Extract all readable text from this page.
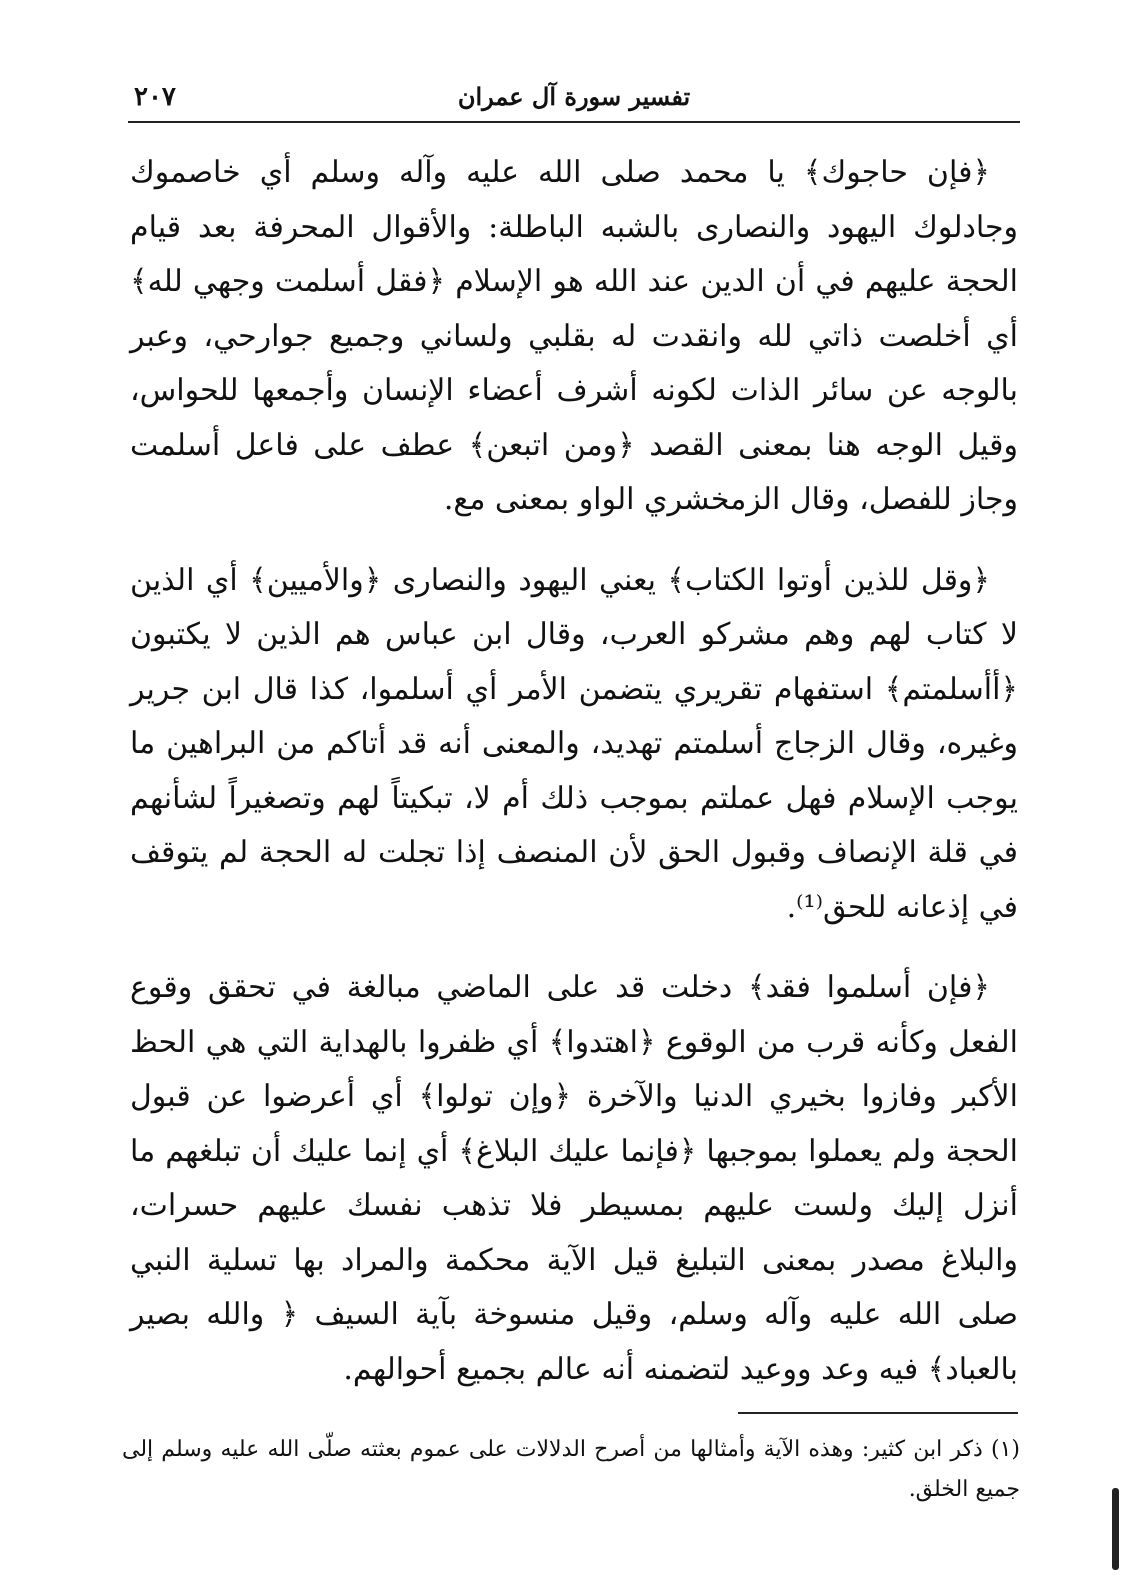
تفسير سورة آل عمران
٢٠٧

﴿فإن حاجوك﴾ يا محمد صلى الله عليه وآله وسلم أي خاصموك وجادلوك اليهود والنصارى بالشبه الباطلة: والأقوال المحرفة بعد قيام الحجة عليهم في أن الدين عند الله هو الإسلام ﴿فقل أسلمت وجهي لله﴾ أي أخلصت ذاتي لله وانقدت له بقلبي ولساني وجميع جوارحي، وعبر بالوجه عن سائر الذات لكونه أشرف أعضاء الإنسان وأجمعها للحواس، وقيل الوجه هنا بمعنى القصد ﴿ومن اتبعن﴾ عطف على فاعل أسلمت وجاز للفصل، وقال الزمخشري الواو بمعنى مع.

﴿وقل للذين أوتوا الكتاب﴾ يعني اليهود والنصارى ﴿والأميين﴾ أي الذين لا كتاب لهم وهم مشركو العرب، وقال ابن عباس هم الذين لا يكتبون ﴿أأسلمتم﴾ استفهام تقريري يتضمن الأمر أي أسلموا، كذا قال ابن جرير وغيره، وقال الزجاج أسلمتم تهديد، والمعنى أنه قد أتاكم من البراهين ما يوجب الإسلام فهل عملتم بموجب ذلك أم لا، تبكيتاً لهم وتصغيراً لشأنهم في قلة الإنصاف وقبول الحق لأن المنصف إذا تجلت له الحجة لم يتوقف في إذعانه للحق⁽¹⁾.

﴿فإن أسلموا فقد﴾ دخلت قد على الماضي مبالغة في تحقق وقوع الفعل وكأنه قرب من الوقوع ﴿اهتدوا﴾ أي ظفروا بالهداية التي هي الحظ الأكبر وفازوا بخيري الدنيا والآخرة ﴿وإن تولوا﴾ أي أعرضوا عن قبول الحجة ولم يعملوا بموجبها ﴿فإنما عليك البلاغ﴾ أي إنما عليك أن تبلغهم ما أنزل إليك ولست عليهم بمسيطر فلا تذهب نفسك عليهم حسرات، والبلاغ مصدر بمعنى التبليغ قيل الآية محكمة والمراد بها تسلية النبي صلى الله عليه وآله وسلم، وقيل منسوخة بآية السيف ﴿ والله بصير بالعباد﴾ فيه وعد ووعيد لتضمنه أنه عالم بجميع أحوالهم.

(١) ذكر ابن كثير: وهذه الآية وأمثالها من أصرح الدلالات على عموم بعثته صلّى الله عليه وسلم إلى جميع الخلق.
